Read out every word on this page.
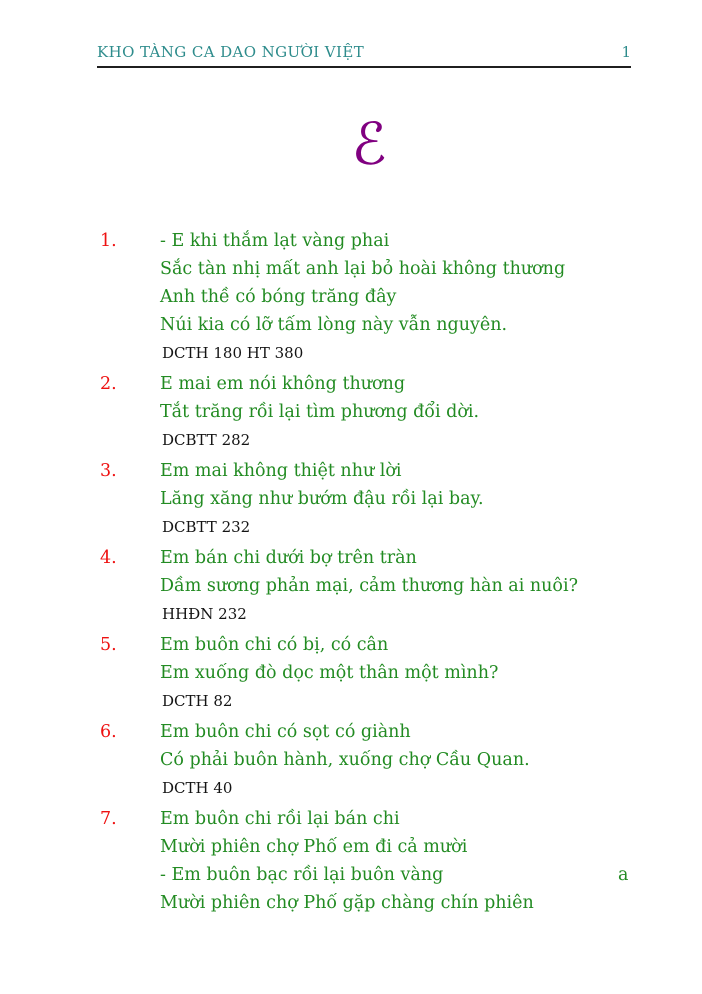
KHO TÀNG CA DAO NGƯỜI VIỆT	1
ℰ
1. - E khi thắm lạt vàng phai
Sắc tàn nhị mất anh lại bỏ hoài không thương
Anh thề có bóng trăng đây
Núi kia có lỡ tấm lòng này vẫn nguyên.
DCTH 180 HT 380
2. E mai em nói không thương
Tắt trăng rồi lại tìm phương đổi dời.
DCBTT 282
3. Em mai không thiệt như lời
Lăng xăng như bướm đậu rồi lại bay.
DCBTT 232
4. Em bán chi dưới bợ trên tràn
Dầm sương phản mại, cảm thương hàn ai nuôi?
HHĐN 232
5. Em buôn chi có bị, có cân
Em xuống đò dọc một thân một mình?
DCTH 82
6. Em buôn chi có sọt có giành
Có phải buôn hành, xuống chợ Cầu Quan.
DCTH 40
7. Em buôn chi rồi lại bán chi
Mười phiên chợ Phố em đi cả mười
- Em buôn bạc rồi lại buôn vàng	a
Mười phiên chợ Phố gặp chàng chín phiên
